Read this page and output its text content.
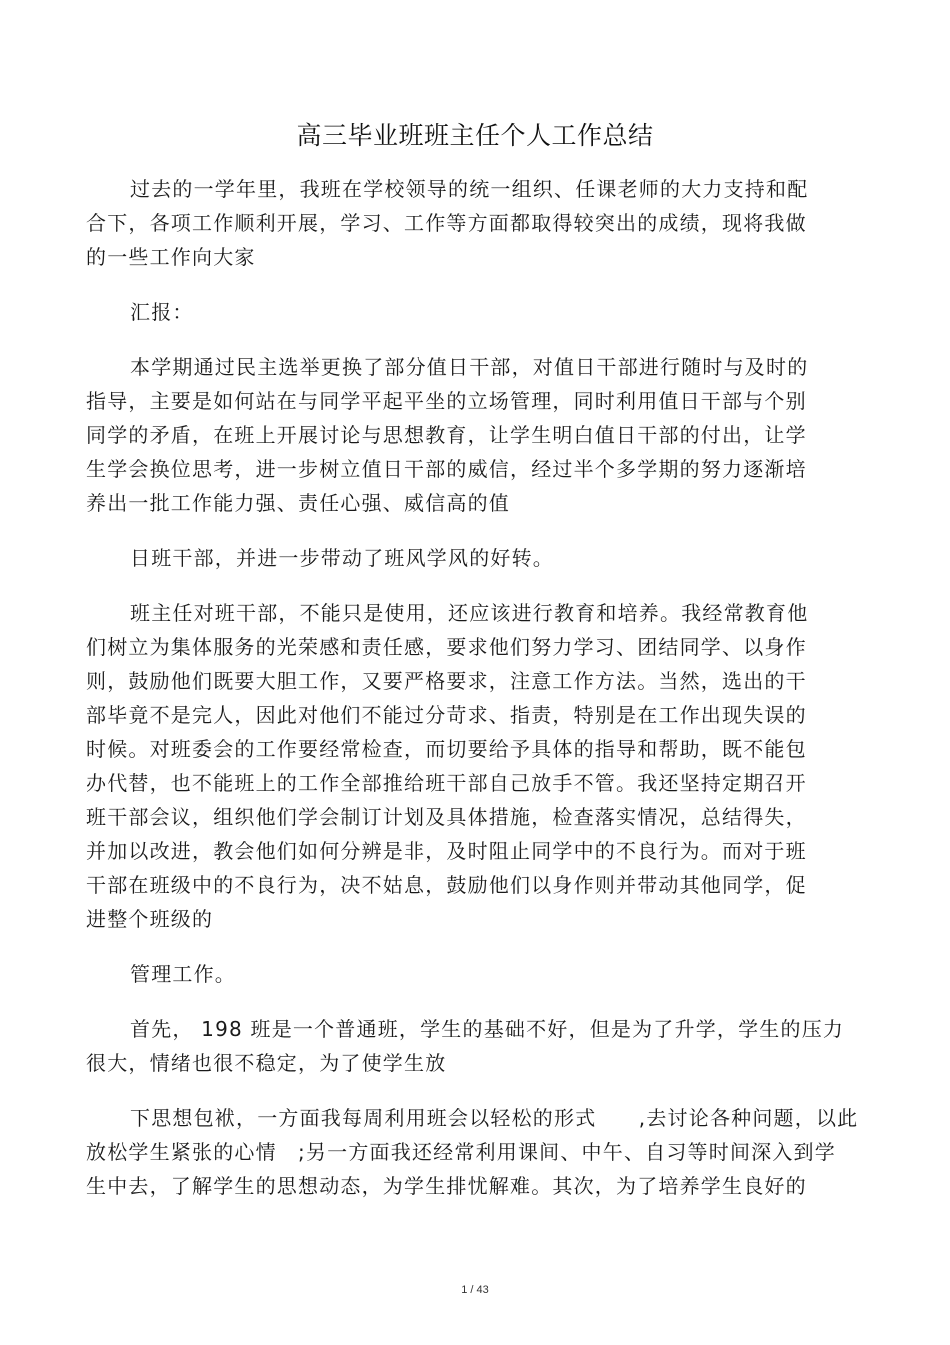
高三毕业班班主任个人工作总结
过去的一学年里，我班在学校领导的统一组织、任课老师的大力支持和配
合下，各项工作顺利开展，学习、工作等方面都取得较突出的成绩，现将我做
的一些工作向大家
汇报：
本学期通过民主选举更换了部分值日干部，对值日干部进行随时与及时的
指导，主要是如何站在与同学平起平坐的立场管理，同时利用值日干部与个别
同学的矛盾，在班上开展讨论与思想教育，让学生明白值日干部的付出，让学
生学会换位思考，进一步树立值日干部的威信，经过半个多学期的努力逐渐培
养出一批工作能力强、责任心强、威信高的值
日班干部，并进一步带动了班风学风的好转。
班主任对班干部，不能只是使用，还应该进行教育和培养。我经常教育他
们树立为集体服务的光荣感和责任感，要求他们努力学习、团结同学、以身作
则，鼓励他们既要大胆工作，又要严格要求，注意工作方法。当然，选出的干
部毕竟不是完人，因此对他们不能过分苛求、指责，特别是在工作出现失误的
时候。对班委会的工作要经常检查，而切要给予具体的指导和帮助，既不能包
办代替，也不能班上的工作全部推给班干部自己放手不管。我还坚持定期召开
班干部会议，组织他们学会制订计划及具体措施，检查落实情况，总结得失，
并加以改进，教会他们如何分辨是非，及时阻止同学中的不良行为。而对于班
干部在班级中的不良行为，决不姑息，鼓励他们以身作则并带动其他同学，促
进整个班级的
管理工作。
首先， 198 班是一个普通班，学生的基础不好，但是为了升学，学生的压力
很大，情绪也很不稳定，为了使学生放
下思想包袱，一方面我每周利用班会以轻松的形式　　,去讨论各种问题，以此
放松学生紧张的心情　;另一方面我还经常利用课间、中午、自习等时间深入到学
生中去，了解学生的思想动态，为学生排忧解难。其次，为了培养学生良好的
1 / 43
